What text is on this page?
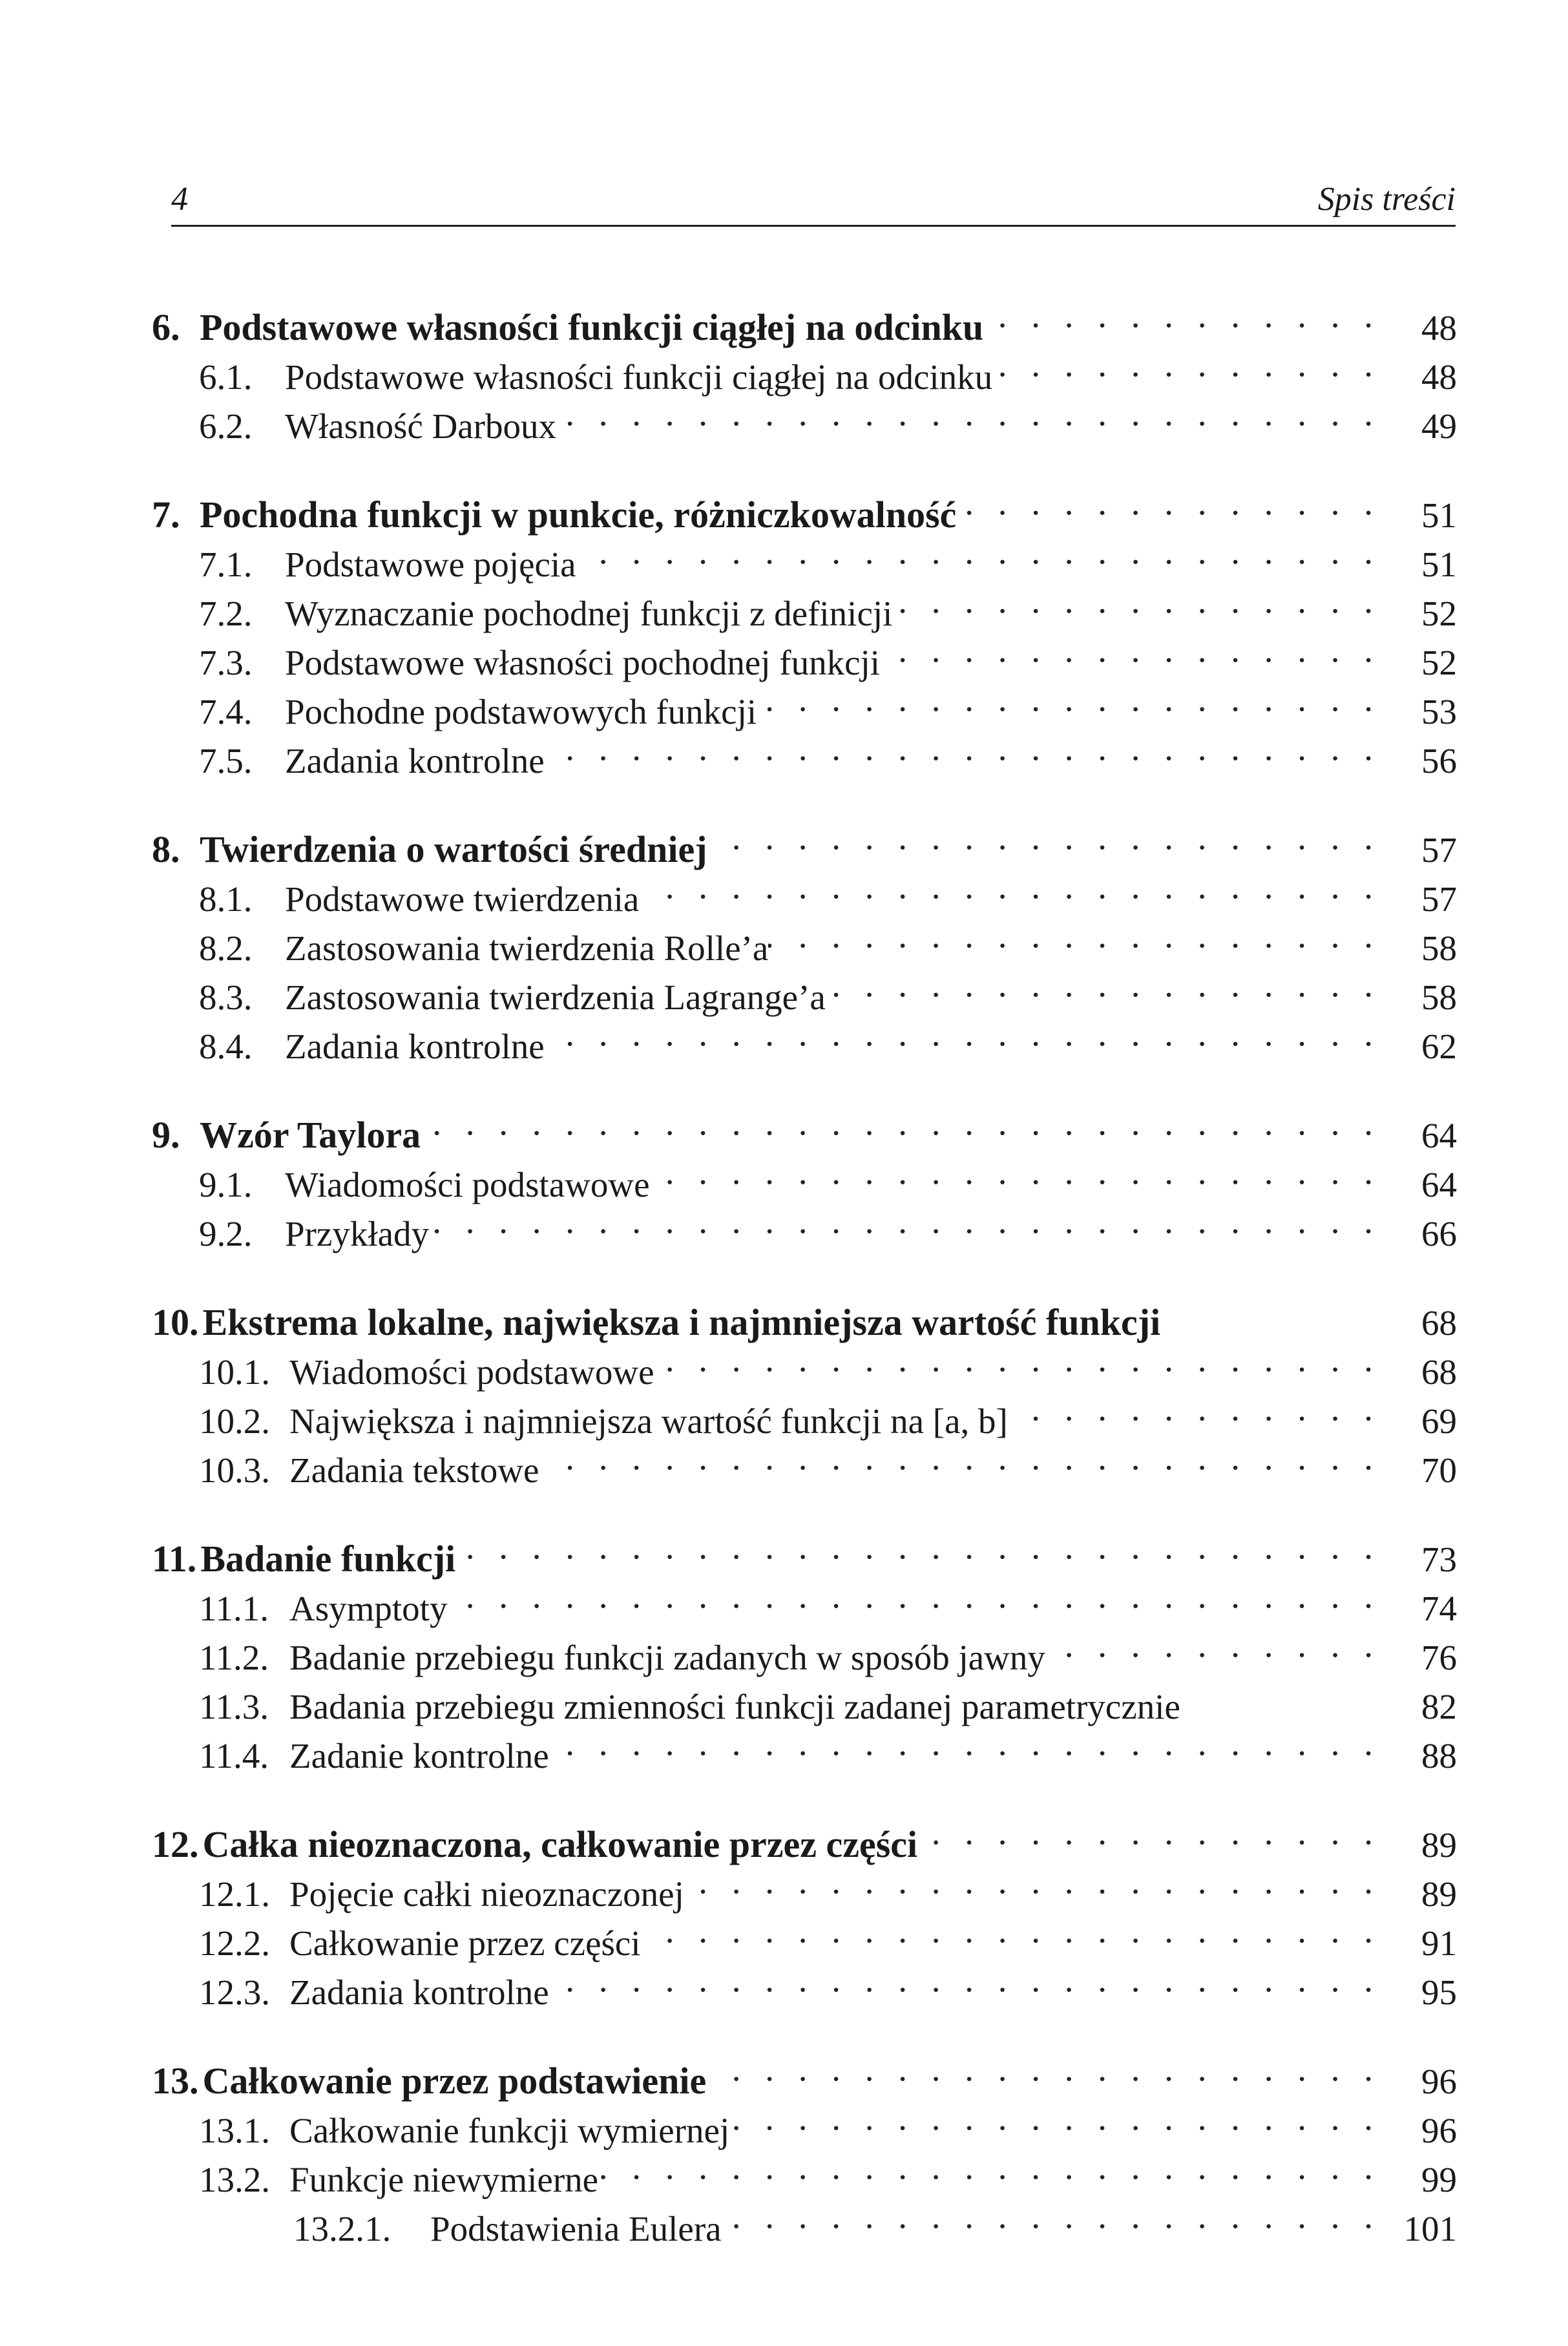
4	Spis treści
6. Podstawowe własności funkcji ciągłej na odcinku . . .	48
6.1. Podstawowe własności funkcji ciągłej na odcinku . . .	48
6.2. Własność Darboux . . .	49
7. Pochodna funkcji w punkcie, różniczkowalność . . .	51
7.1. Podstawowe pojęcia . . .	51
7.2. Wyznaczanie pochodnej funkcji z definicji . . .	52
7.3. Podstawowe własności pochodnej funkcji . . .	52
7.4. Pochodne podstawowych funkcji . . .	53
7.5. Zadania kontrolne . . .	56
8. Twierdzenia o wartości średniej . . .	57
8.1. Podstawowe twierdzenia . . .	57
8.2. Zastosowania twierdzenia Rolle’a . . .	58
8.3. Zastosowania twierdzenia Lagrange’a . . .	58
8.4. Zadania kontrolne . . .	62
9. Wzór Taylora . . .	64
9.1. Wiadomości podstawowe . . .	64
9.2. Przykłady . . .	66
10. Ekstrema lokalne, największa i najmniejsza wartość funkcji	68
10.1. Wiadomości podstawowe . . .	68
10.2. Największa i najmniejsza wartość funkcji na [a, b] . . .	69
10.3. Zadania tekstowe . . .	70
11. Badanie funkcji . . .	73
11.1. Asymptoty . . .	74
11.2. Badanie przebiegu funkcji zadanych w sposób jawny . . .	76
11.3. Badania przebiegu zmienności funkcji zadanej parametrycznie	82
11.4. Zadanie kontrolne . . .	88
12. Całka nieoznaczona, całkowanie przez części . . .	89
12.1. Pojęcie całki nieoznaczonej . . .	89
12.2. Całkowanie przez części . . .	91
12.3. Zadania kontrolne . . .	95
13. Całkowanie przez podstawienie . . .	96
13.1. Całkowanie funkcji wymiernej . . .	96
13.2. Funkcje niewymierne . . .	99
13.2.1.	Podstawienia Eulera . . .	101
